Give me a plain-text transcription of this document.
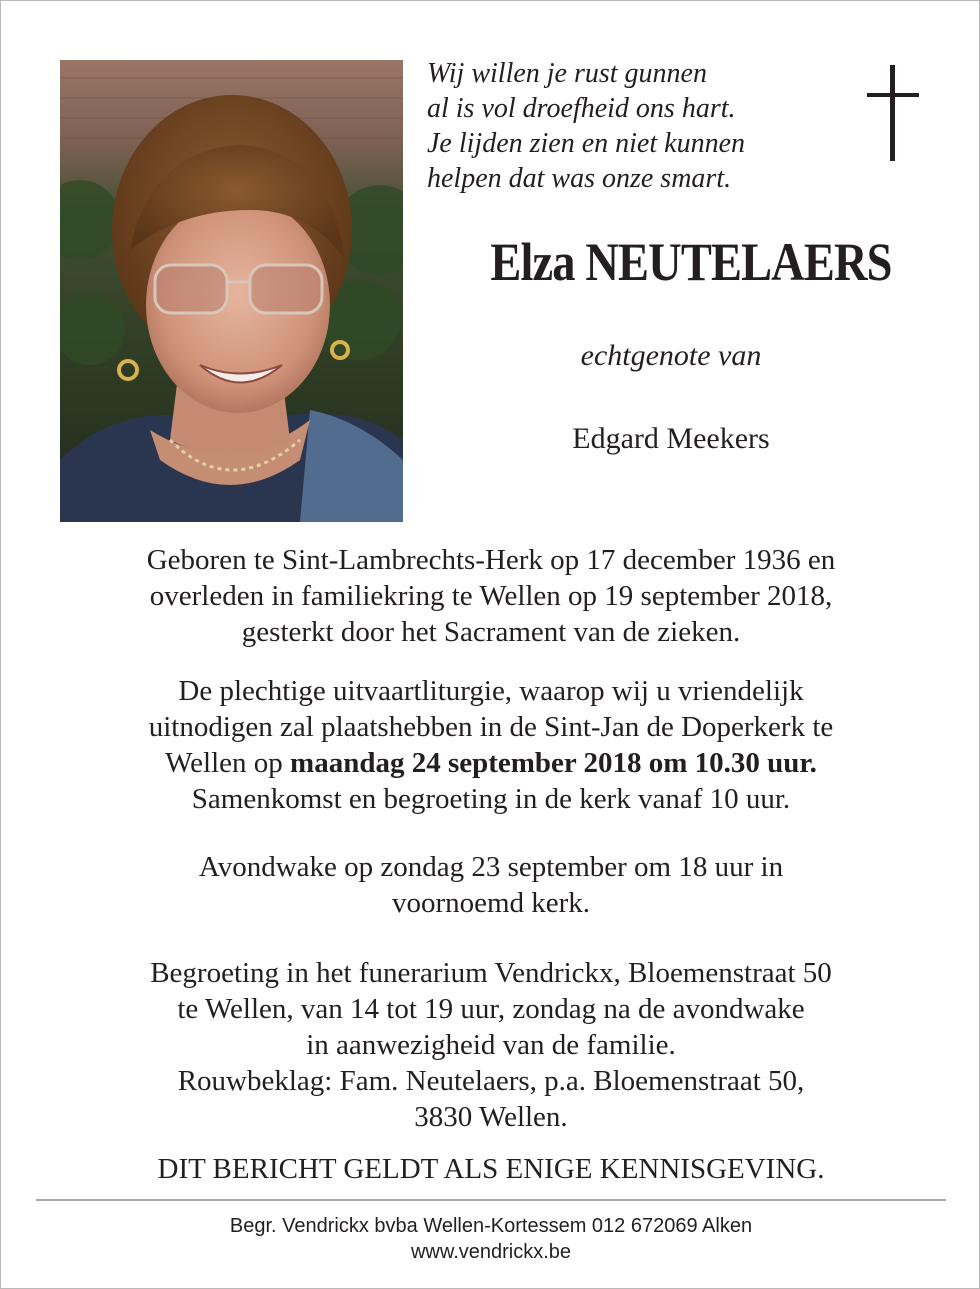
Wij willen je rust gunnen
al is vol droefheid ons hart.
Je lijden zien en niet kunnen
helpen dat was onze smart.
Elza NEUTELAERS
echtgenote van
Edgard Meekers
Geboren te Sint-Lambrechts-Herk op 17 december 1936 en
overleden in familiekring te Wellen op 19 september 2018,
gesterkt door het Sacrament van de zieken.
De plechtige uitvaartliturgie, waarop wij u vriendelijk
uitnodigen zal plaatshebben in de Sint-Jan de Doperkerk te
Wellen op maandag 24 september 2018 om 10.30 uur.
Samenkomst en begroeting in de kerk vanaf 10 uur.
Avondwake op zondag 23 september om 18 uur in
voornoemd kerk.
Begroeting in het funerarium Vendrickx, Bloemenstraat 50
te Wellen, van 14 tot 19 uur, zondag na de avondwake
in aanwezigheid van de familie.
Rouwbeklag: Fam. Neutelaers, p.a. Bloemenstraat 50,
3830 Wellen.
DIT BERICHT GELDT ALS ENIGE KENNISGEVING.
Begr. Vendrickx bvba Wellen-Kortessem 012 672069 Alken
www.vendrickx.be
